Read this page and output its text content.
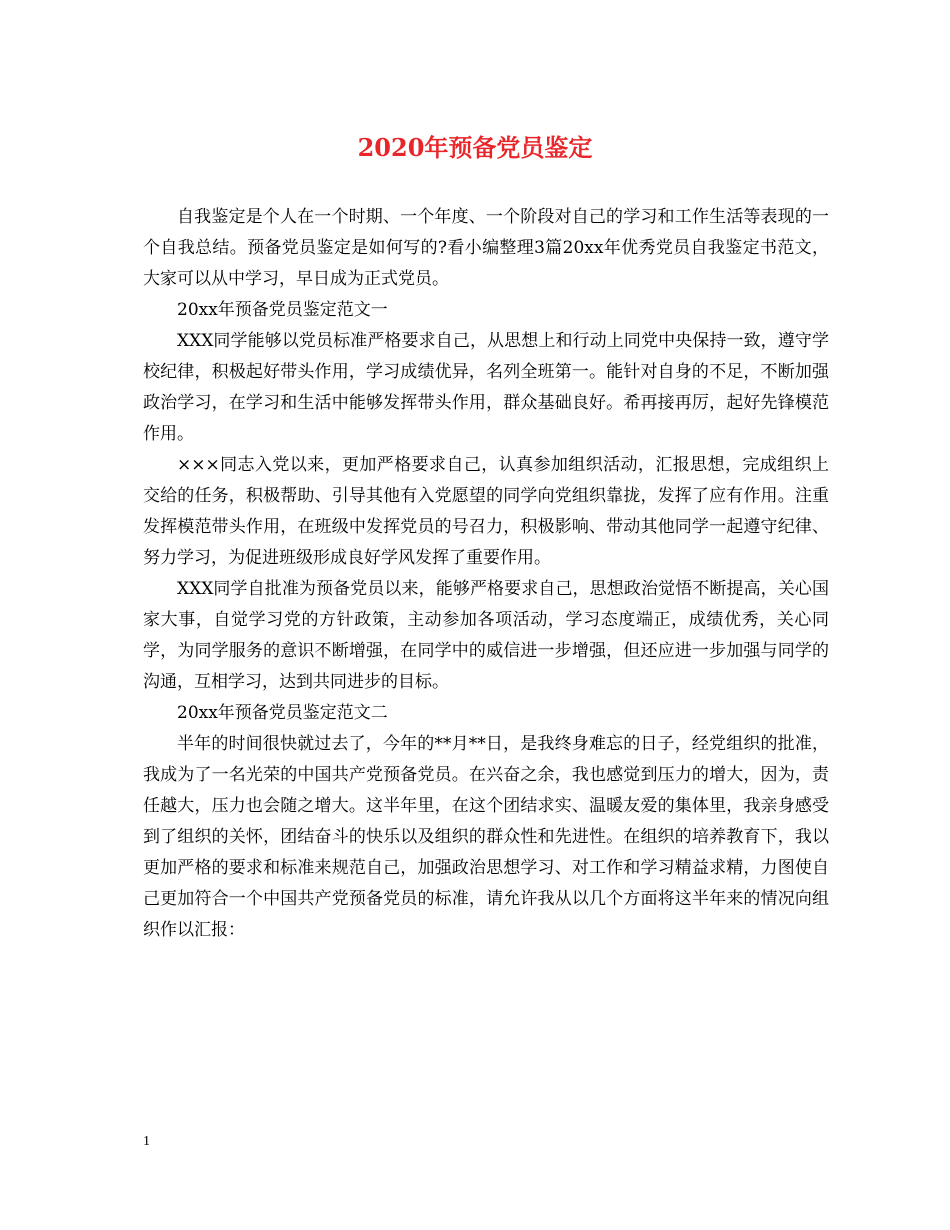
2020年预备党员鉴定

自我鉴定是个人在一个时期、一个年度、一个阶段对自己的学习和工作生活等表现的一个自我总结。预备党员鉴定是如何写的?看小编整理3篇20xx年优秀党员自我鉴定书范文，大家可以从中学习，早日成为正式党员。

20xx年预备党员鉴定范文一

XXX同学能够以党员标准严格要求自己，从思想上和行动上同党中央保持一致，遵守学校纪律，积极起好带头作用，学习成绩优异，名列全班第一。能针对自身的不足，不断加强政治学习，在学习和生活中能够发挥带头作用，群众基础良好。希再接再厉，起好先锋模范作用。

×××同志入党以来，更加严格要求自己，认真参加组织活动，汇报思想，完成组织上交给的任务，积极帮助、引导其他有入党愿望的同学向党组织靠拢，发挥了应有作用。注重发挥模范带头作用，在班级中发挥党员的号召力，积极影响、带动其他同学一起遵守纪律、努力学习，为促进班级形成良好学风发挥了重要作用。

XXX同学自批准为预备党员以来，能够严格要求自己，思想政治觉悟不断提高，关心国家大事，自觉学习党的方针政策，主动参加各项活动，学习态度端正，成绩优秀，关心同学，为同学服务的意识不断增强，在同学中的威信进一步增强，但还应进一步加强与同学的沟通，互相学习，达到共同进步的目标。

20xx年预备党员鉴定范文二

半年的时间很快就过去了，今年的**月**日，是我终身难忘的日子，经党组织的批准，我成为了一名光荣的中国共产党预备党员。在兴奋之余，我也感觉到压力的增大，因为，责任越大，压力也会随之增大。这半年里，在这个团结求实、温暖友爱的集体里，我亲身感受到了组织的关怀，团结奋斗的快乐以及组织的群众性和先进性。在组织的培养教育下，我以更加严格的要求和标准来规范自己，加强政治思想学习、对工作和学习精益求精，力图使自己更加符合一个中国共产党预备党员的标准，请允许我从以几个方面将这半年来的情况向组织作以汇报：

1
